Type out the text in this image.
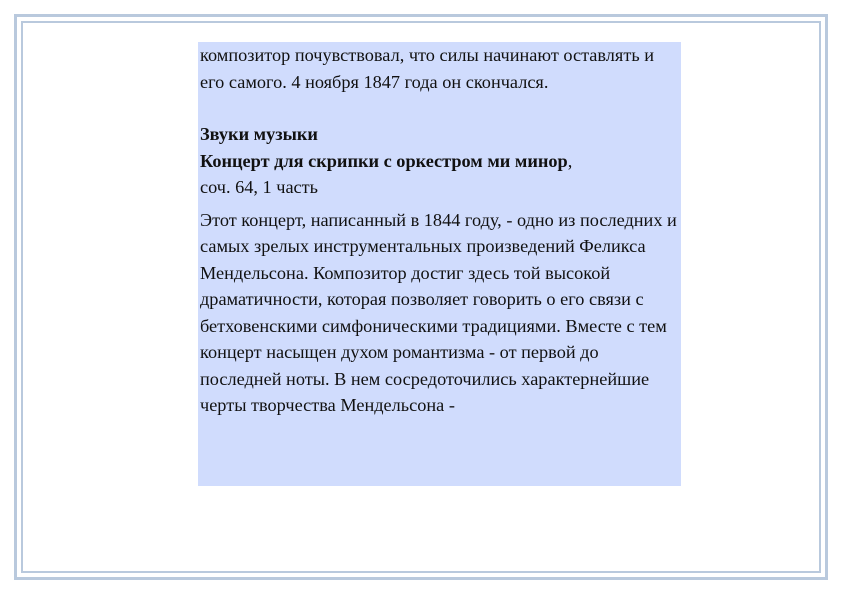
композитор почувствовал, что силы начинают оставлять и его самого. 4 ноября 1847 года он скончался.

Звуки музыки

Концерт для скрипки с оркестром ми минор,

соч. 64, 1 часть

Этот концерт, написанный в 1844 году, - одно из последних и самых зрелых инструментальных произведений Феликса Мендельсона. Композитор достиг здесь той высокой драматичности, которая позволяет говорить о его связи с бетховенскими симфоническими традициями. Вместе с тем концерт насыщен духом романтизма - от первой до последней ноты. В нем сосредоточились характернейшие черты творчества Мендельсона -
